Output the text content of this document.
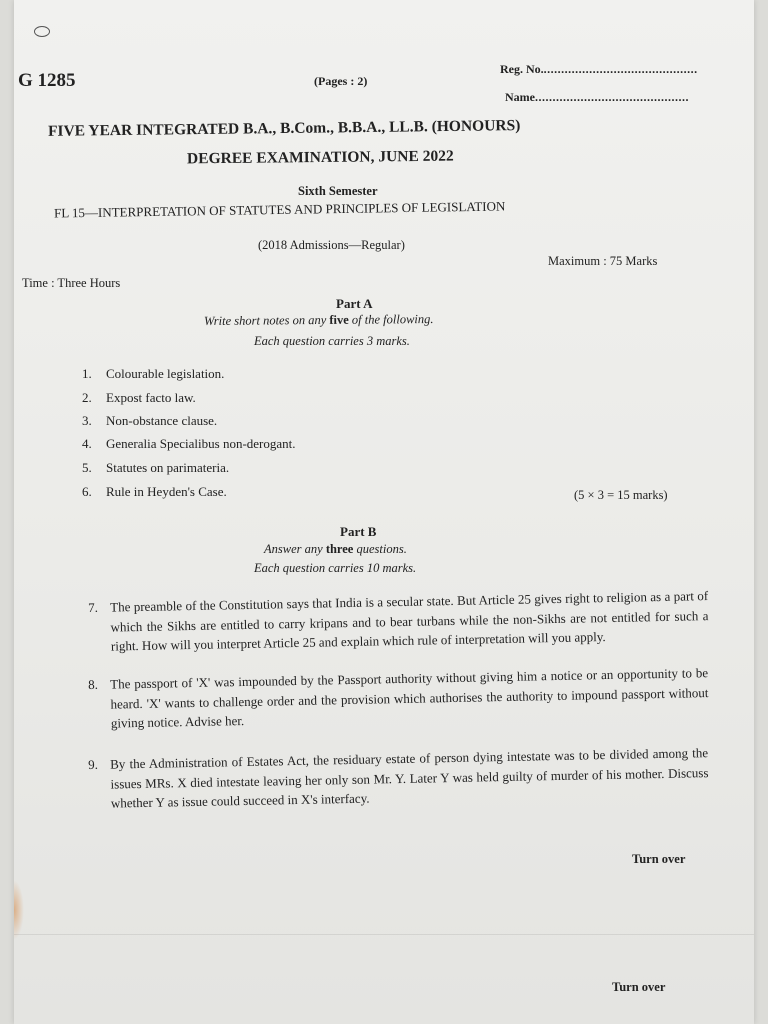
G 1285	(Pages : 2)
Reg. No.............................................
Name............................................
FIVE YEAR INTEGRATED B.A., B.Com., B.B.A., LL.B. (HONOURS)
DEGREE EXAMINATION, JUNE 2022
Sixth Semester
FL 15—INTERPRETATION OF STATUTES AND PRINCIPLES OF LEGISLATION
(2018 Admissions—Regular)
Maximum : 75 Marks
Time : Three Hours
Part A
Write short notes on any five of the following.
Each question carries 3 marks.
1. Colourable legislation.
2. Expost facto law.
3. Non-obstance clause.
4. Generalia Specialibus non-derogant.
5. Statutes on parimateria.
6. Rule in Heyden's Case.	(5 × 3 = 15 marks)
Part B
Answer any three questions.
Each question carries 10 marks.
7. The preamble of the Constitution says that India is a secular state. But Article 25 gives right to religion as a part of which the Sikhs are entitled to carry kripans and to bear turbans while the non-Sikhs are not entitled for such a right. How will you interpret Article 25 and explain which rule of interpretation will you apply.
8. The passport of 'X' was impounded by the Passport authority without giving him a notice or an opportunity to be heard. 'X' wants to challenge order and the provision which authorises the authority to impound passport without giving notice. Advise her.
9. By the Administration of Estates Act, the residuary estate of person dying intestate was to be divided among the issues MRs. X died intestate leaving her only son Mr. Y. Later Y was held guilty of murder of his mother. Discuss whether Y as issue could succeed in X's interfacy.
Turn over
Turn over
